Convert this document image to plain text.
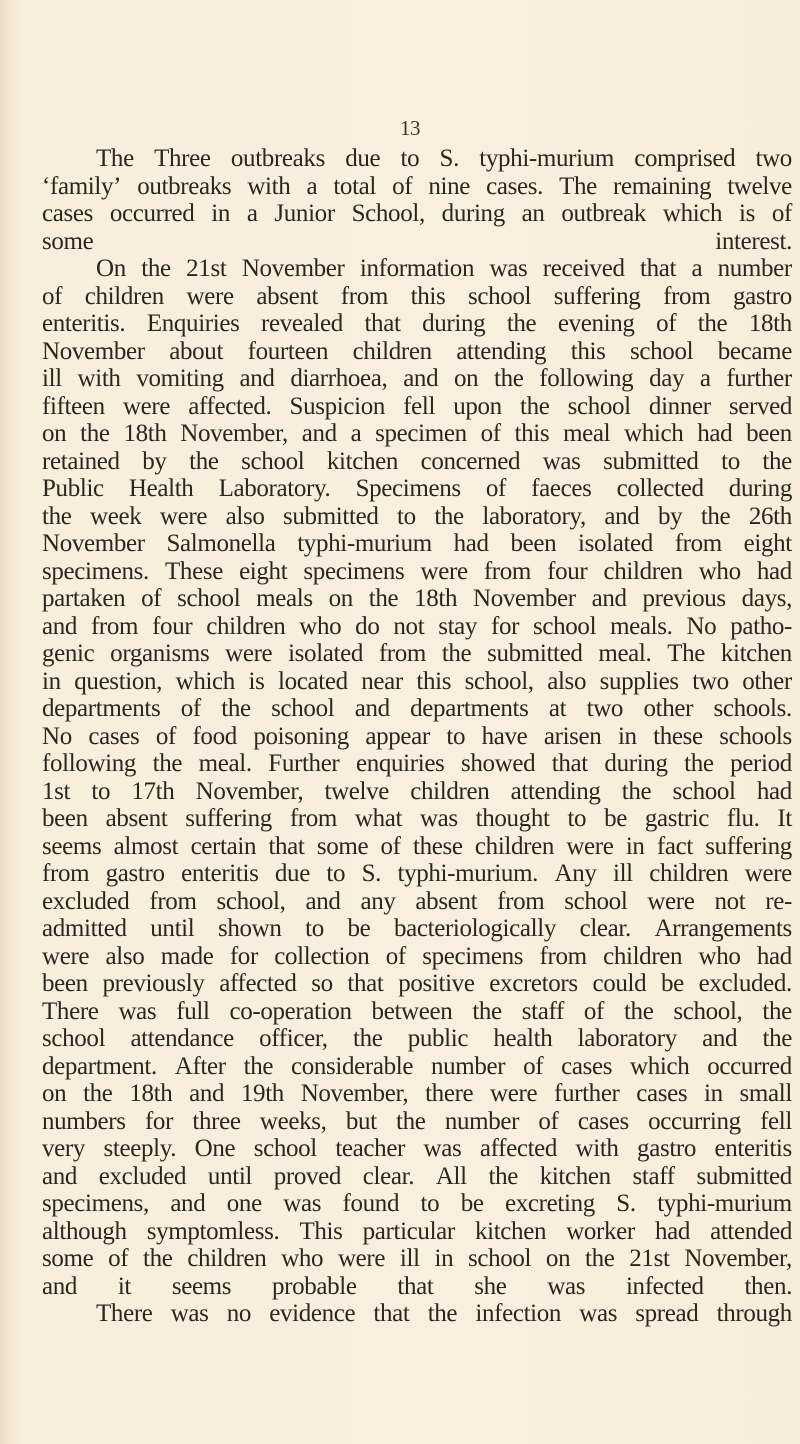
13
The Three outbreaks due to S. typhi-murium comprised two
‘family’ outbreaks with a total of nine cases. The remaining twelve
cases occurred in a Junior School, during an outbreak which is of
some interest.
On the 21st November information was received that a number
of children were absent from this school suffering from gastro
enteritis. Enquiries revealed that during the evening of the 18th
November about fourteen children attending this school became
ill with vomiting and diarrhoea, and on the following day a further
fifteen were affected. Suspicion fell upon the school dinner served
on the 18th November, and a specimen of this meal which had been
retained by the school kitchen concerned was submitted to the
Public Health Laboratory. Specimens of faeces collected during
the week were also submitted to the laboratory, and by the 26th
November Salmonella typhi-murium had been isolated from eight
specimens. These eight specimens were from four children who had
partaken of school meals on the 18th November and previous days,
and from four children who do not stay for school meals. No patho-
genic organisms were isolated from the submitted meal. The kitchen
in question, which is located near this school, also supplies two other
departments of the school and departments at two other schools.
No cases of food poisoning appear to have arisen in these schools
following the meal. Further enquiries showed that during the period
1st to 17th November, twelve children attending the school had
been absent suffering from what was thought to be gastric flu. It
seems almost certain that some of these children were in fact suffering
from gastro enteritis due to S. typhi-murium. Any ill children were
excluded from school, and any absent from school were not re-
admitted until shown to be bacteriologically clear. Arrangements
were also made for collection of specimens from children who had
been previously affected so that positive excretors could be excluded.
There was full co-operation between the staff of the school, the
school attendance officer, the public health laboratory and the
department. After the considerable number of cases which occurred
on the 18th and 19th November, there were further cases in small
numbers for three weeks, but the number of cases occurring fell
very steeply. One school teacher was affected with gastro enteritis
and excluded until proved clear. All the kitchen staff submitted
specimens, and one was found to be excreting S. typhi-murium
although symptomless. This particular kitchen worker had attended
some of the children who were ill in school on the 21st November,
and it seems probable that she was infected then.
There was no evidence that the infection was spread through
